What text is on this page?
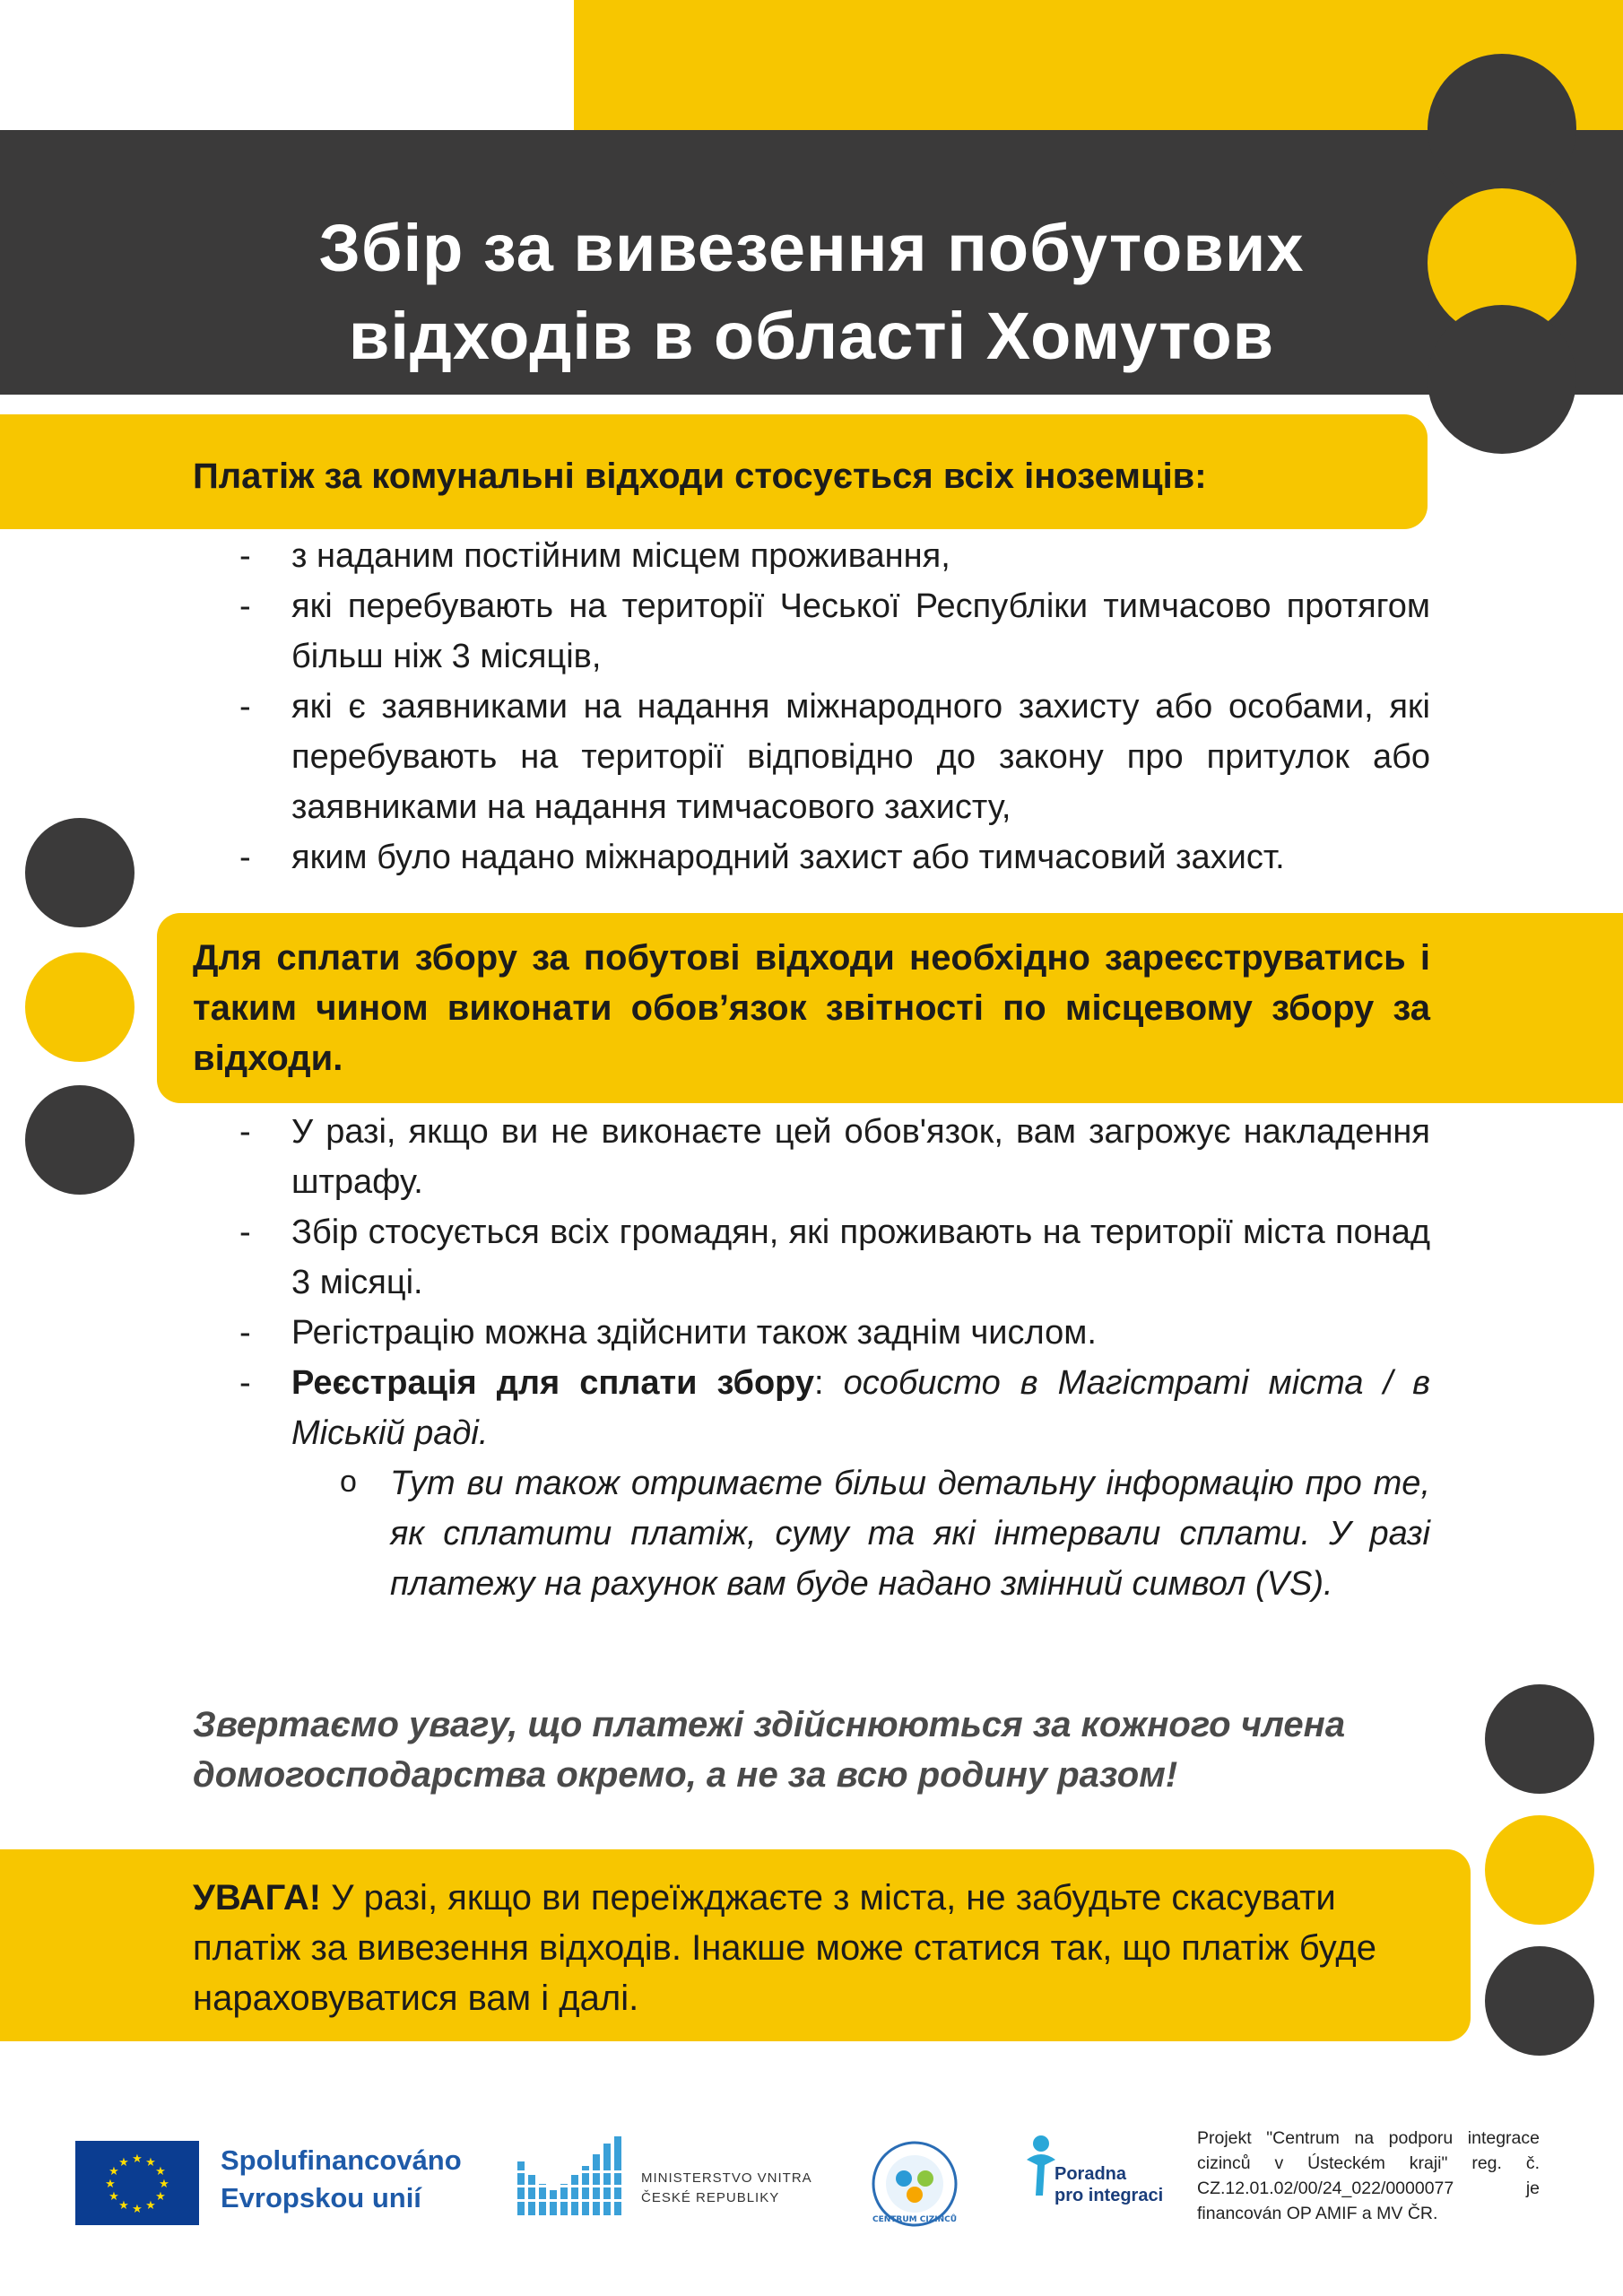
Збір за вивезення побутових
відходів в області Хомутов
Платіж за комунальні відходи стосується всіх іноземців:
- з наданим постійним місцем проживання,
- які перебувають на території Чеської Республіки тимчасово протягом більш ніж 3 місяців,
- які є заявниками на надання міжнародного захисту або особами, які перебувають на території відповідно до закону про притулок або заявниками на надання тимчасового захисту,
- яким було надано міжнародний захист або тимчасовий захист.
Для сплати збору за побутові відходи необхідно зареєструватись і таким чином виконати обов’язок звітності по місцевому збору за відходи.
- У разі, якщо ви не виконаєте цей обов'язок, вам загрожує накладення штрафу.
- Збір стосується всіх громадян, які проживають на території міста понад 3 місяці.
- Регістрацію можна здійснити також заднім числом.
- Реєстрація для сплати збору: особисто в Магістраті міста / в Міській раді.
o Тут ви також отримаєте більш детальну інформацію про те, як сплатити платіж, суму та які інтервали сплати. У разі платежу на рахунок вам буде надано змінний символ (VS).

Звертаємо увагу, що платежі здійснюються за кожного члена домогосподарства окремо, а не за всю родину разом!

УВАГА! У разі, якщо ви переїжджаєте з міста, не забудьте скасувати платіж за вивезення відходів. Інакше може статися так, що платіж буде нараховуватися вам і далі.

★ ★
★
★
★
★
★
★
★
★
★
★	Spolufinancováno
Evropskou unií

MINISTERSTVO VNITRA
ČESKÉ REPUBLIKY

CENTRUM CIZINCŮ

Poradna
pro integraci

Projekt "Centrum na podporu integrace cizinců v Ústeckém kraji" reg. č. CZ.12.01.02/00/24_022/0000077 je financován OP AMIF a MV ČR.
